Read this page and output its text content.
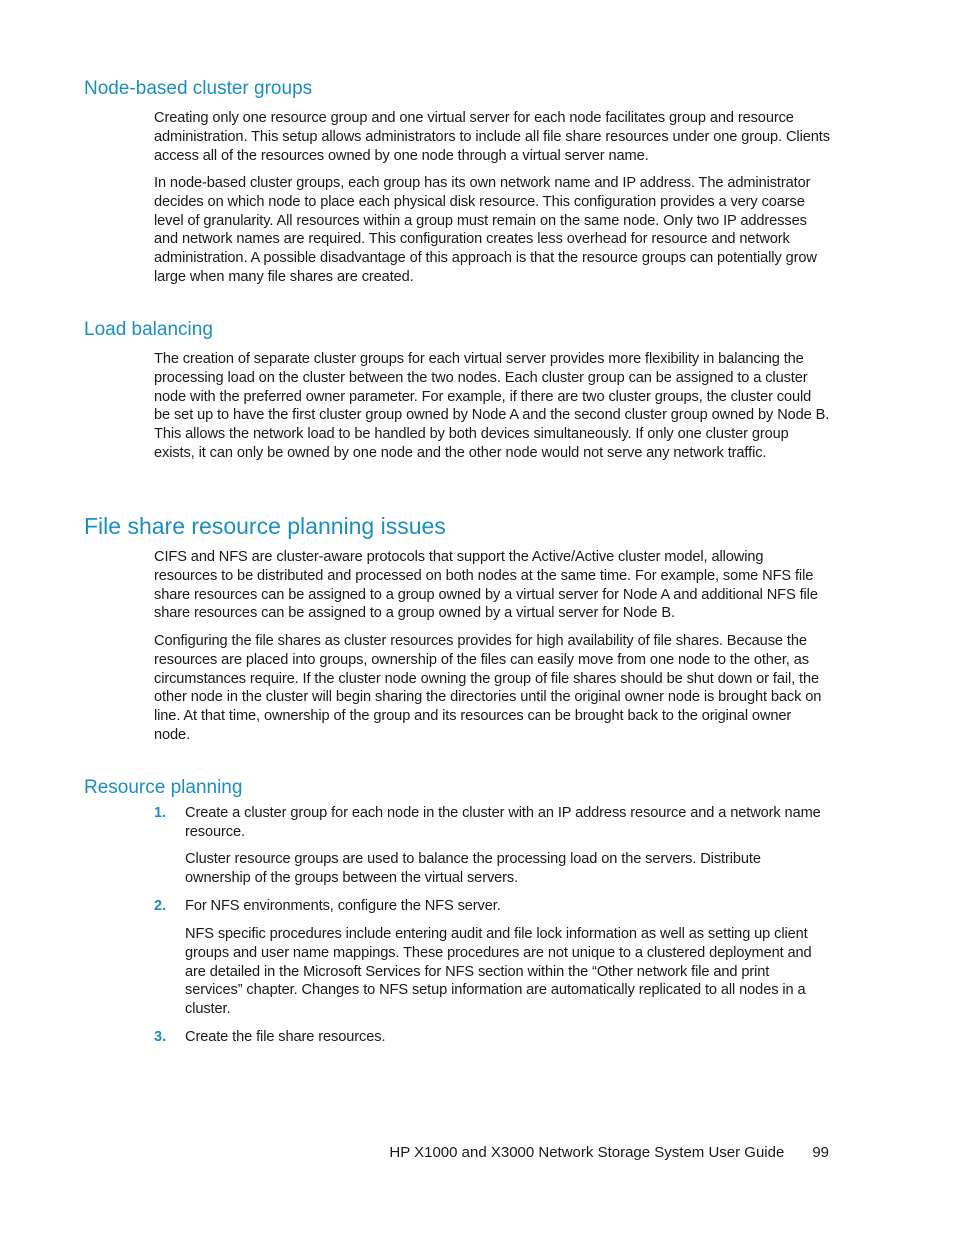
Node-based cluster groups

Creating only one resource group and one virtual server for each node facilitates group and resource administration. This setup allows administrators to include all file share resources under one group. Clients access all of the resources owned by one node through a virtual server name.

In node-based cluster groups, each group has its own network name and IP address. The administrator decides on which node to place each physical disk resource. This configuration provides a very coarse level of granularity. All resources within a group must remain on the same node. Only two IP addresses and network names are required. This configuration creates less overhead for resource and network administration. A possible disadvantage of this approach is that the resource groups can potentially grow large when many file shares are created.

Load balancing

The creation of separate cluster groups for each virtual server provides more flexibility in balancing the processing load on the cluster between the two nodes. Each cluster group can be assigned to a cluster node with the preferred owner parameter. For example, if there are two cluster groups, the cluster could be set up to have the first cluster group owned by Node A and the second cluster group owned by Node B. This allows the network load to be handled by both devices simultaneously. If only one cluster group exists, it can only be owned by one node and the other node would not serve any network traffic.

File share resource planning issues

CIFS and NFS are cluster-aware protocols that support the Active/Active cluster model, allowing resources to be distributed and processed on both nodes at the same time. For example, some NFS file share resources can be assigned to a group owned by a virtual server for Node A and additional NFS file share resources can be assigned to a group owned by a virtual server for Node B.

Configuring the file shares as cluster resources provides for high availability of file shares. Because the resources are placed into groups, ownership of the files can easily move from one node to the other, as circumstances require. If the cluster node owning the group of file shares should be shut down or fail, the other node in the cluster will begin sharing the directories until the original owner node is brought back on line. At that time, ownership of the group and its resources can be brought back to the original owner node.

Resource planning

1. Create a cluster group for each node in the cluster with an IP address resource and a network name resource.

Cluster resource groups are used to balance the processing load on the servers. Distribute ownership of the groups between the virtual servers.

2. For NFS environments, configure the NFS server.

NFS specific procedures include entering audit and file lock information as well as setting up client groups and user name mappings. These procedures are not unique to a clustered deployment and are detailed in the Microsoft Services for NFS section within the “Other network file and print services” chapter. Changes to NFS setup information are automatically replicated to all nodes in a cluster.

3. Create the file share resources.

HP X1000 and X3000 Network Storage System User Guide 99
